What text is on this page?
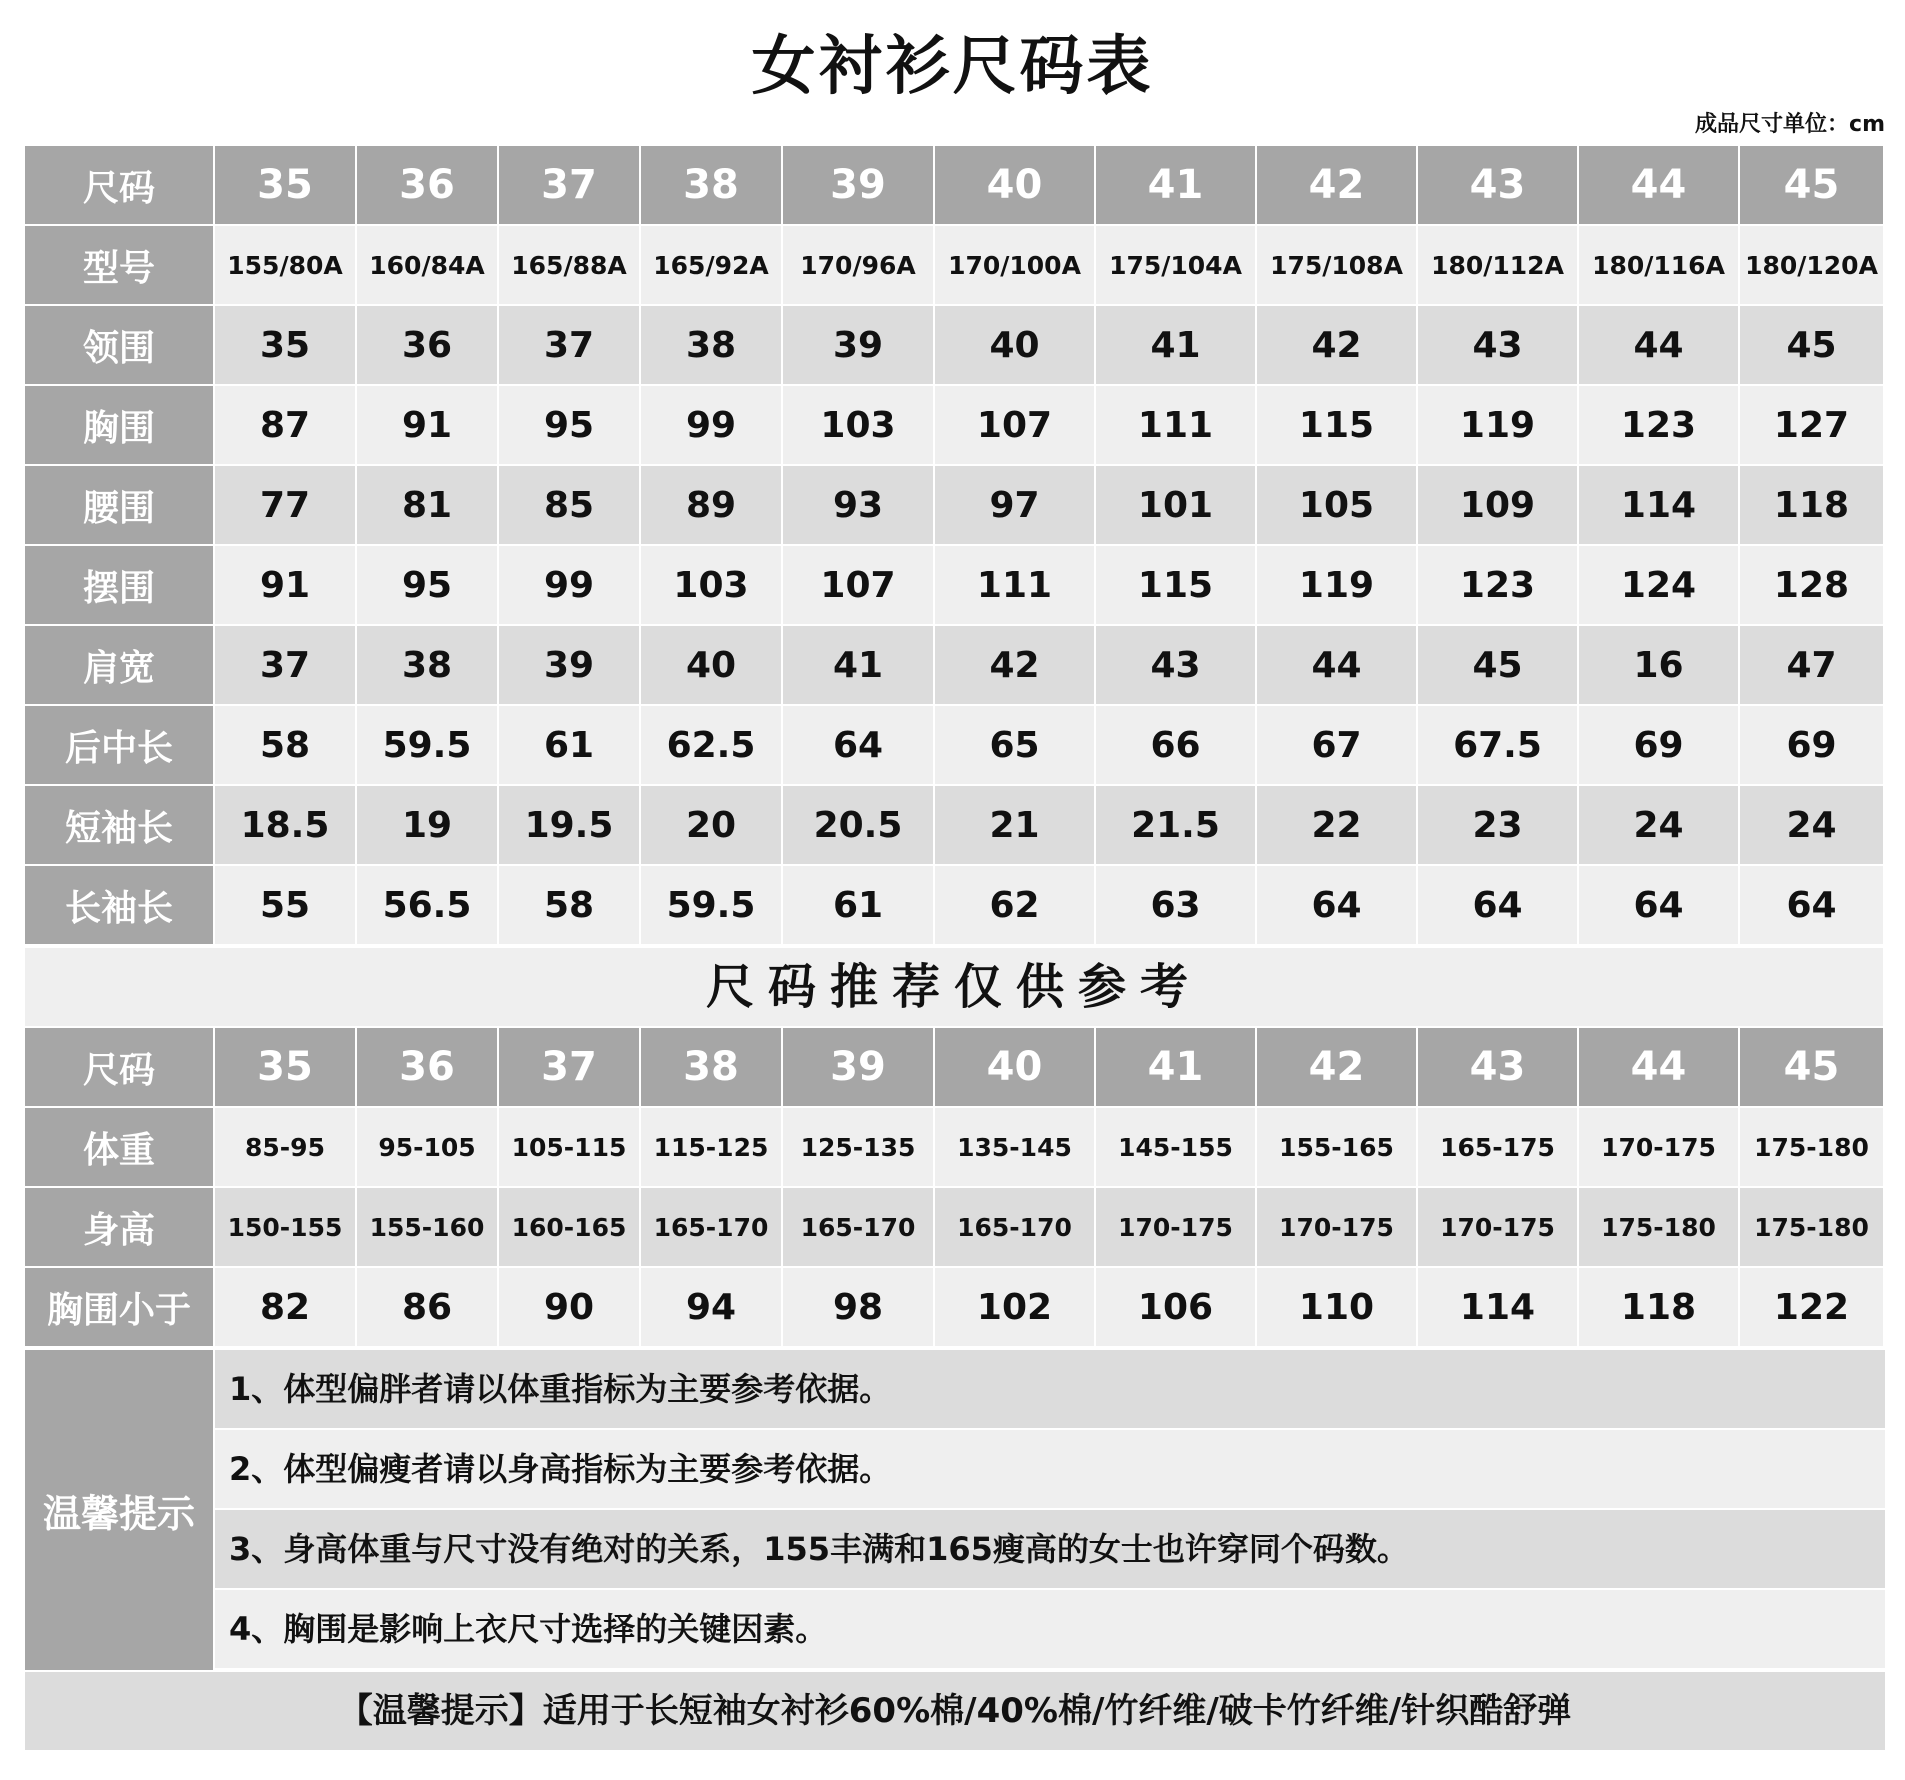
女衬衫尺码表
成品尺寸单位：cm
尺码	35	36	37	38	39	40	41	42	43	44	45
型号	155/80A	160/84A	165/88A	165/92A	170/96A	170/100A	175/104A	175/108A	180/112A	180/116A	180/120A
领围	35	36	37	38	39	40	41	42	43	44	45
胸围	87	91	95	99	103	107	111	115	119	123	127
腰围	77	81	85	89	93	97	101	105	109	114	118
摆围	91	95	99	103	107	111	115	119	123	124	128
肩宽	37	38	39	40	41	42	43	44	45	16	47
后中长	58	59.5	61	62.5	64	65	66	67	67.5	69	69
短袖长	18.5	19	19.5	20	20.5	21	21.5	22	23	24	24
长袖长	55	56.5	58	59.5	61	62	63	64	64	64	64
尺码推荐仅供参考
尺码	35	36	37	38	39	40	41	42	43	44	45
体重	85-95	95-105	105-115	115-125	125-135	135-145	145-155	155-165	165-175	170-175	175-180
身高	150-155	155-160	160-165	165-170	165-170	165-170	170-175	170-175	170-175	175-180	175-180
胸围小于	82	86	90	94	98	102	106	110	114	118	122
温馨提示
1、体型偏胖者请以体重指标为主要参考依据。
2、体型偏瘦者请以身高指标为主要参考依据。
3、身高体重与尺寸没有绝对的关系，155丰满和165瘦高的女士也许穿同个码数。
4、胸围是影响上衣尺寸选择的关键因素。
【温馨提示】适用于长短袖女衬衫60%棉/40%棉/竹纤维/破卡竹纤维/针织酷舒弹
